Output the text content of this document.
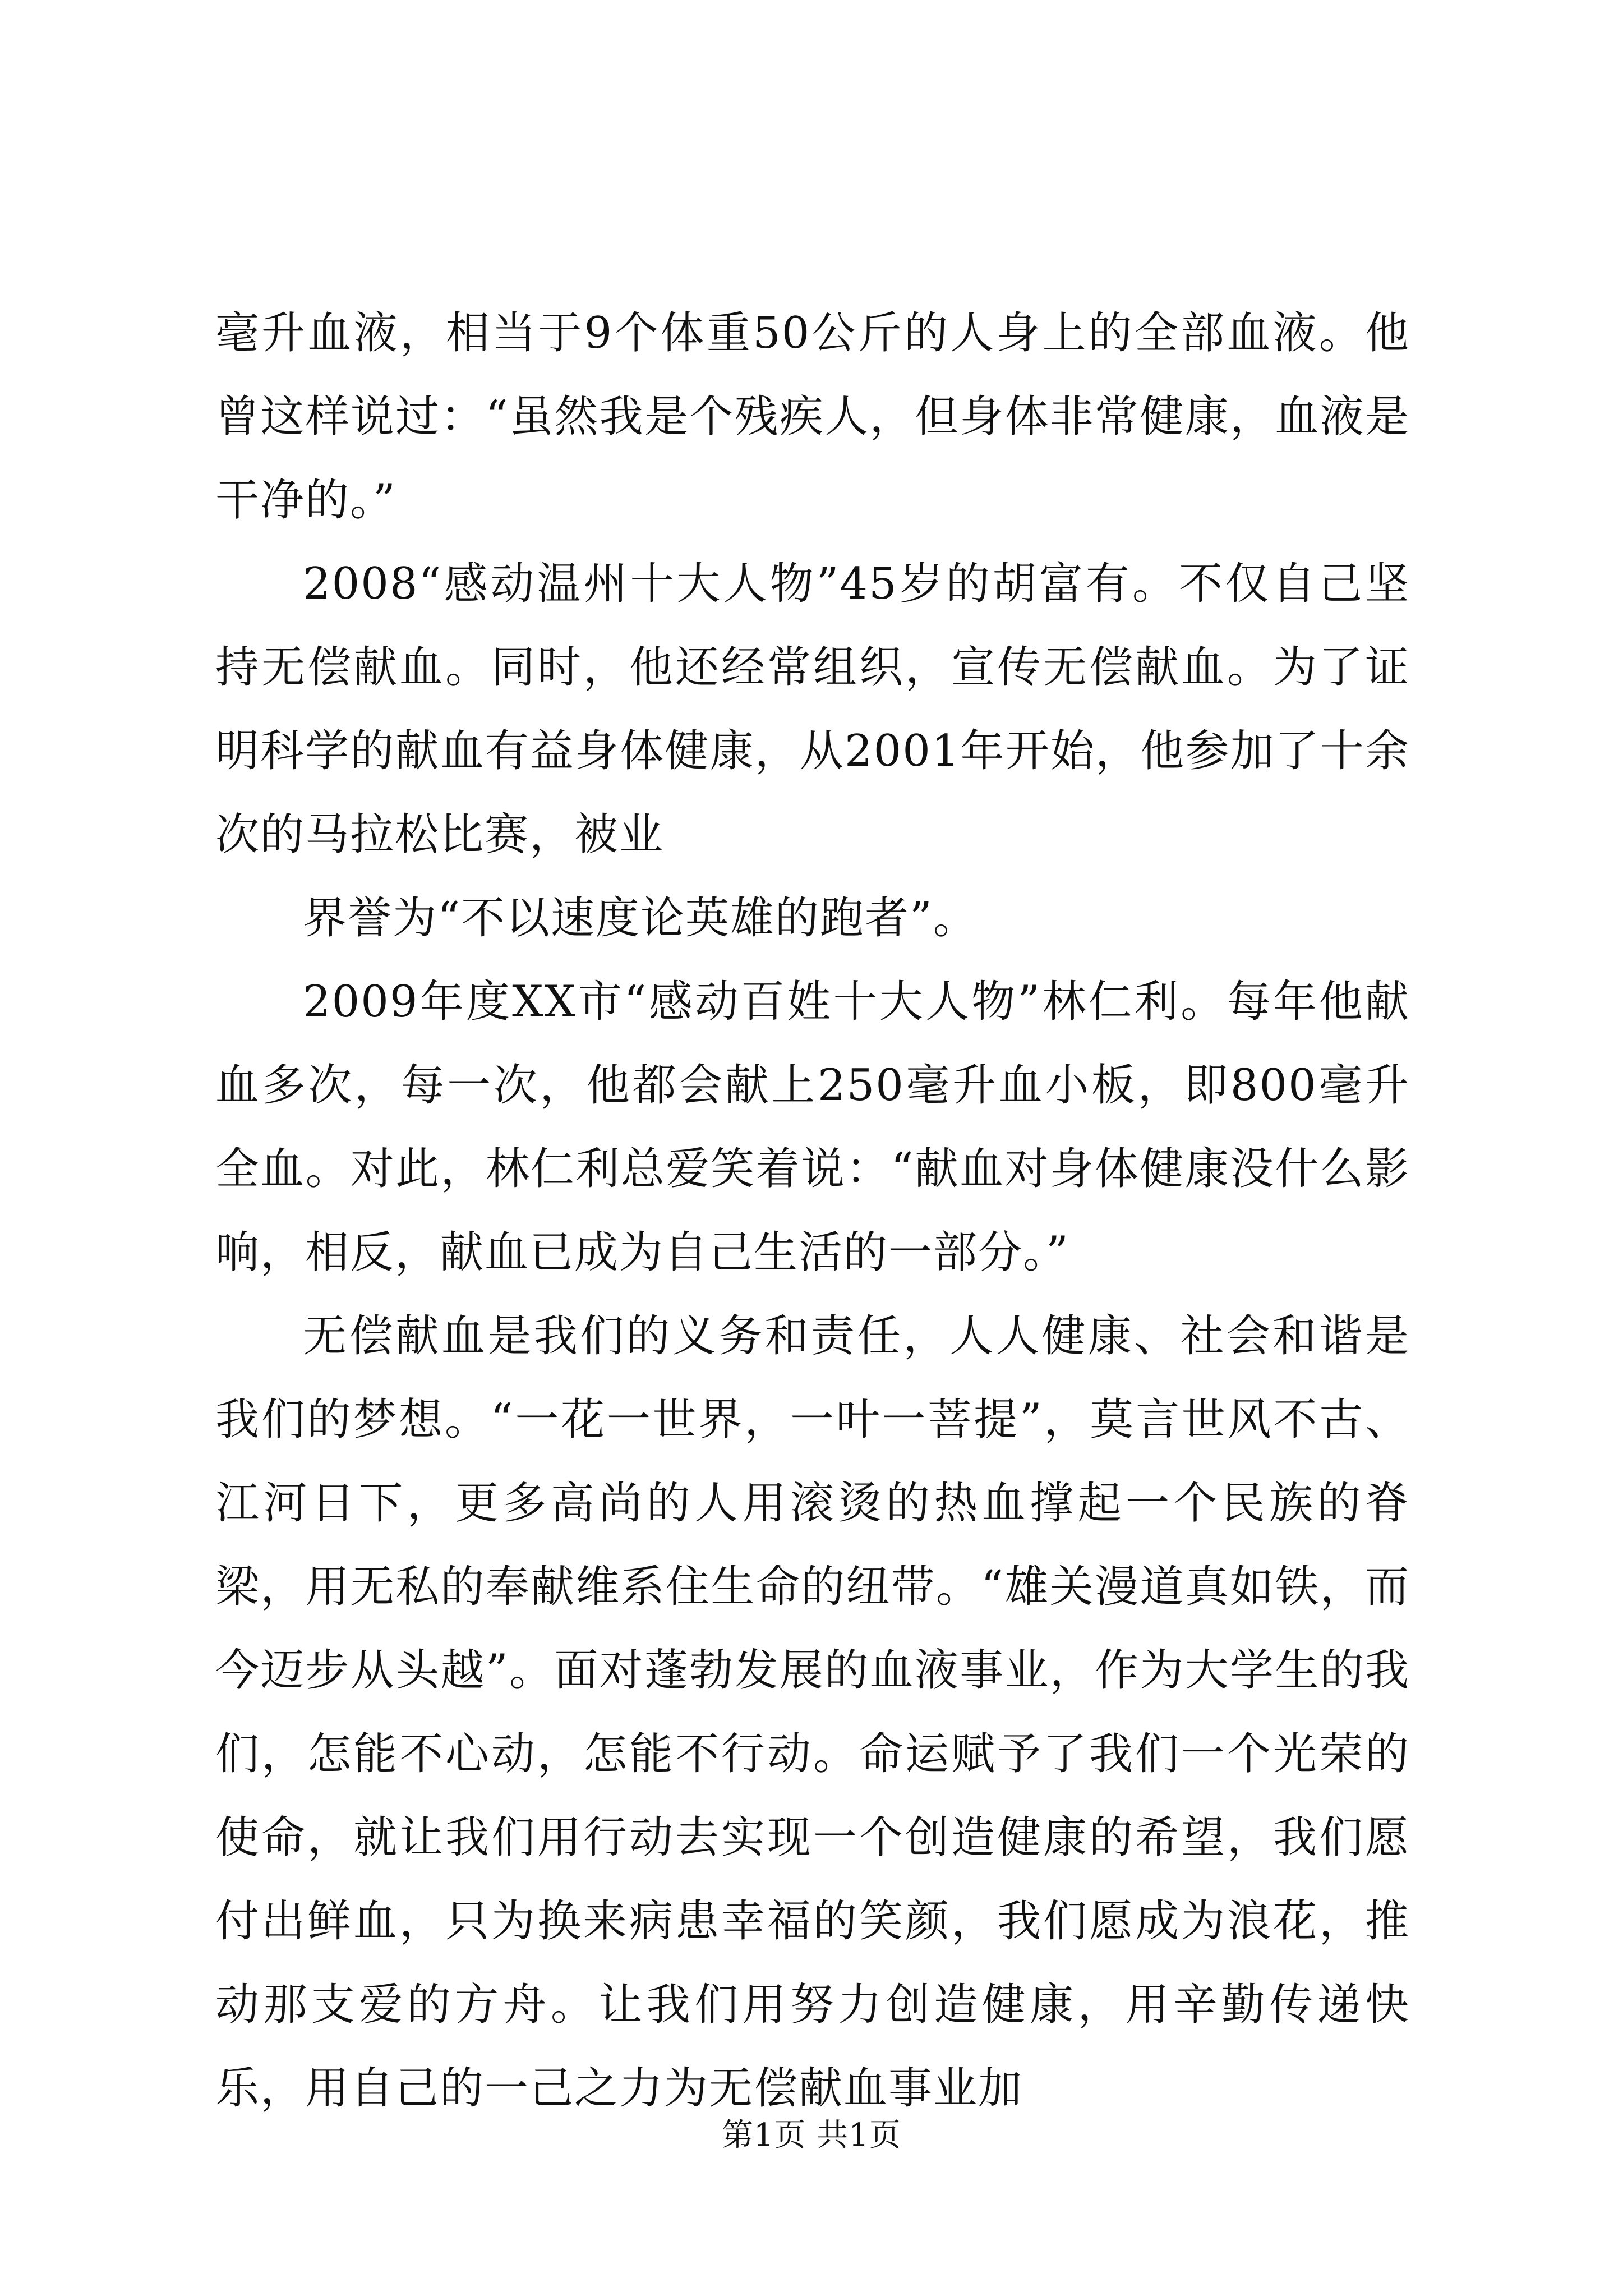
毫升血液，相当于9个体重50公斤的人身上的全部血液。他曾这样说过：“虽然我是个残疾人，但身体非常健康，血液是干净的。”

2008“感动温州十大人物”45岁的胡富有。不仅自己坚持无偿献血。同时，他还经常组织，宣传无偿献血。为了证明科学的献血有益身体健康，从2001年开始，他参加了十余次的马拉松比赛，被业

界誉为“不以速度论英雄的跑者”。

2009年度XX市“感动百姓十大人物”林仁利。每年他献血多次，每一次，他都会献上250毫升血小板，即800毫升全血。对此，林仁利总爱笑着说：“献血对身体健康没什么影响，相反，献血已成为自己生活的一部分。”

无偿献血是我们的义务和责任，人人健康、社会和谐是我们的梦想。“一花一世界，一叶一菩提”，莫言世风不古、江河日下，更多高尚的人用滚烫的热血撑起一个民族的脊梁，用无私的奉献维系住生命的纽带。“雄关漫道真如铁，而今迈步从头越”。面对蓬勃发展的血液事业，作为大学生的我们，怎能不心动，怎能不行动。命运赋予了我们一个光荣的使命，就让我们用行动去实现一个创造健康的希望，我们愿付出鲜血，只为换来病患幸福的笑颜，我们愿成为浪花，推动那支爱的方舟。让我们用努力创造健康，用辛勤传递快乐，用自己的一己之力为无偿献血事业加

第1页 共1页
